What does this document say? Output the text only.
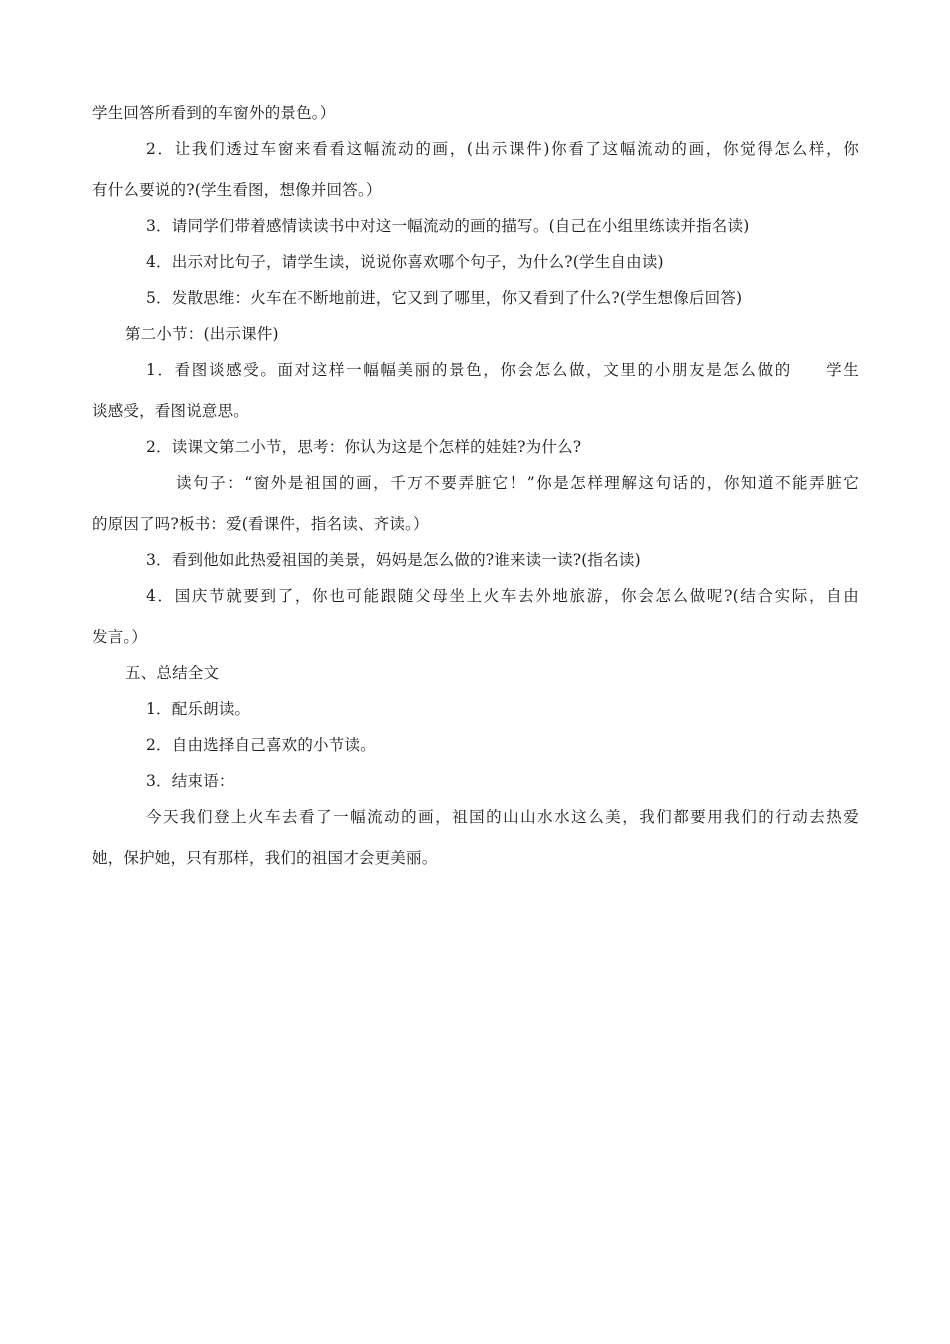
学生回答所看到的车窗外的景色。）
2．让我们透过车窗来看看这幅流动的画，(出示课件)你看了这幅流动的画，你觉得怎么样，你
有什么要说的?(学生看图，想像并回答。）
3．请同学们带着感情读读书中对这一幅流动的画的描写。(自己在小组里练读并指名读)
4．出示对比句子，请学生读，说说你喜欢哪个句子，为什么?(学生自由读)
5．发散思维：火车在不断地前进，它又到了哪里，你又看到了什么?(学生想像后回答)
第二小节：(出示课件)
1．看图谈感受。面对这样一幅幅美丽的景色，你会怎么做，文里的小朋友是怎么做的　　学生
谈感受，看图说意思。
2．读课文第二小节，思考：你认为这是个怎样的娃娃?为什么?
读句子：“窗外是祖国的画，千万不要弄脏它！”你是怎样理解这句话的，你知道不能弄脏它
的原因了吗?板书：爱(看课件，指名读、齐读。）
3．看到他如此热爱祖国的美景，妈妈是怎么做的?谁来读一读?(指名读)
4．国庆节就要到了，你也可能跟随父母坐上火车去外地旅游，你会怎么做呢?(结合实际，自由
发言。）
五、总结全文
1．配乐朗读。
2．自由选择自己喜欢的小节读。
3．结束语：
今天我们登上火车去看了一幅流动的画，祖国的山山水水这么美，我们都要用我们的行动去热爱
她，保护她，只有那样，我们的祖国才会更美丽。
